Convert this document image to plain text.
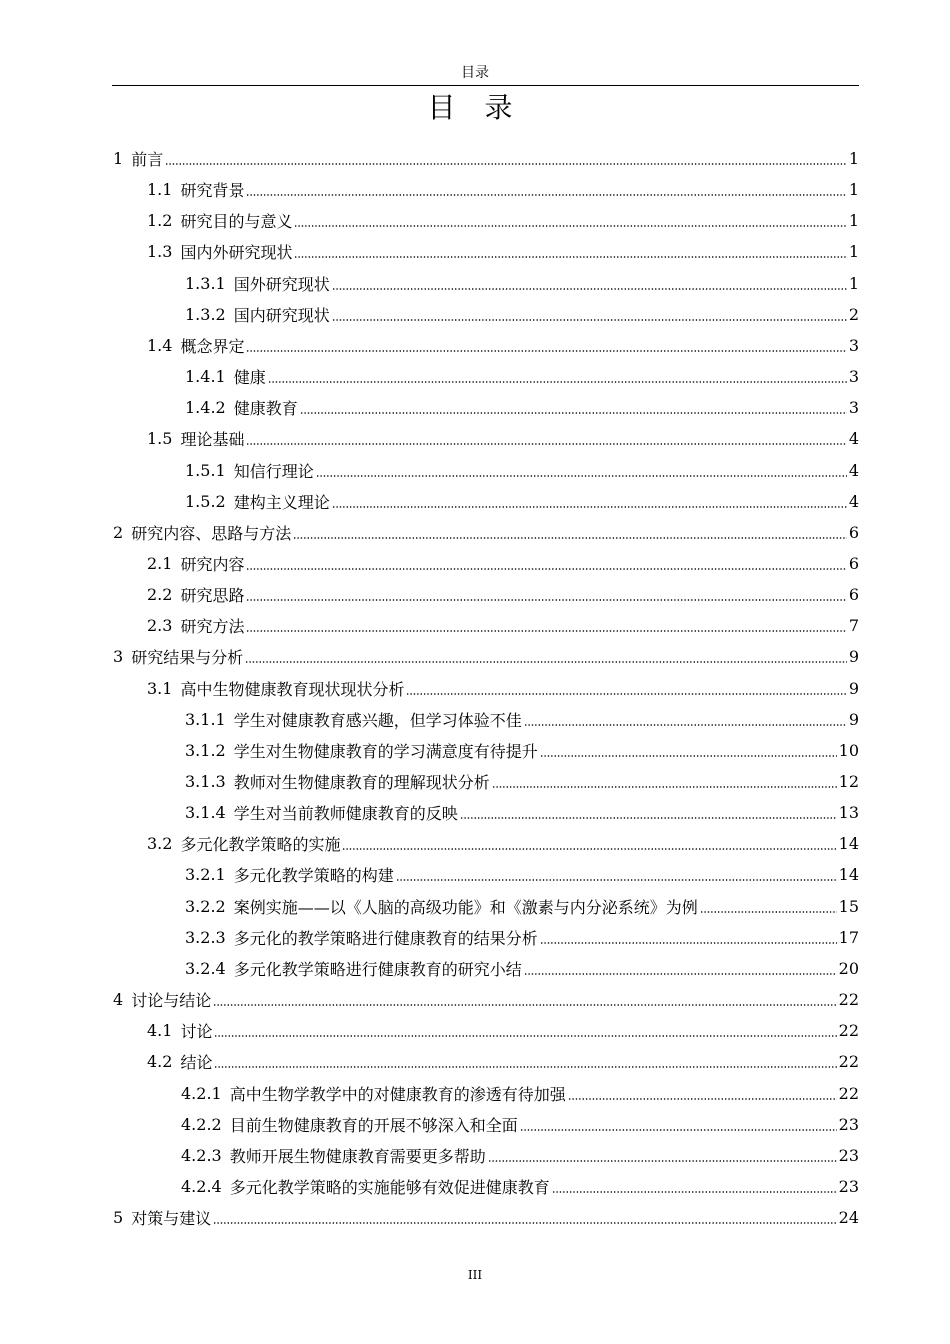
目录
目 录
1 前言	1
1.1 研究背景	1
1.2 研究目的与意义	1
1.3 国内外研究现状	1
1.3.1 国外研究现状	1
1.3.2 国内研究现状	2
1.4 概念界定	3
1.4.1 健康	3
1.4.2 健康教育	3
1.5 理论基础	4
1.5.1 知信行理论	4
1.5.2 建构主义理论	4
2 研究内容、思路与方法	6
2.1 研究内容	6
2.2 研究思路	6
2.3 研究方法	7
3 研究结果与分析	9
3.1 高中生物健康教育现状现状分析	9
3.1.1 学生对健康教育感兴趣，但学习体验不佳	9
3.1.2 学生对生物健康教育的学习满意度有待提升	10
3.1.3 教师对生物健康教育的理解现状分析	12
3.1.4 学生对当前教师健康教育的反映	13
3.2 多元化教学策略的实施	14
3.2.1 多元化教学策略的构建	14
3.2.2 案例实施——以《人脑的高级功能》和《激素与内分泌系统》为例	15
3.2.3 多元化的教学策略进行健康教育的结果分析	17
3.2.4 多元化教学策略进行健康教育的研究小结	20
4 讨论与结论	22
4.1 讨论	22
4.2 结论	22
4.2.1 高中生物学教学中的对健康教育的渗透有待加强	22
4.2.2 目前生物健康教育的开展不够深入和全面	23
4.2.3 教师开展生物健康教育需要更多帮助	23
4.2.4 多元化教学策略的实施能够有效促进健康教育	23
5 对策与建议	24
III
